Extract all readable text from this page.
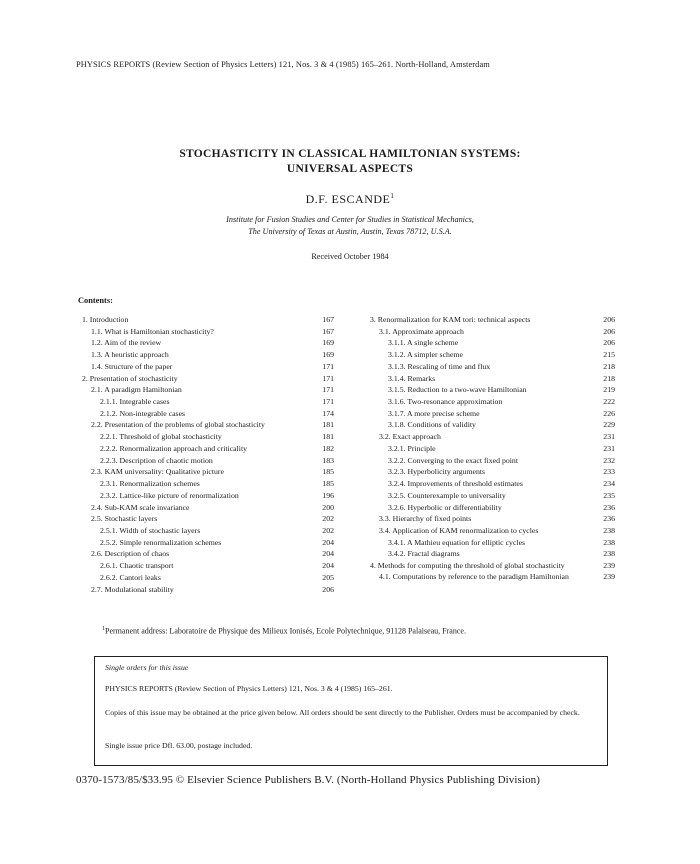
PHYSICS REPORTS (Review Section of Physics Letters) 121, Nos. 3 & 4 (1985) 165–261. North-Holland, Amsterdam
STOCHASTICITY IN CLASSICAL HAMILTONIAN SYSTEMS:
UNIVERSAL ASPECTS
D.F. ESCANDE$^1$
Institute for Fusion Studies and Center for Studies in Statistical Mechanics,
The University of Texas at Austin, Austin, Texas 78712, U.S.A.
Received October 1984
Contents:
1. Introduction	167
1.1. What is Hamiltonian stochasticity?	167
1.2. Aim of the review	169
1.3. A heuristic approach	169
1.4. Structure of the paper	171
2. Presentation of stochasticity	171
2.1. A paradigm Hamiltonian	171
2.1.1. Integrable cases	171
2.1.2. Non-integrable cases	174
2.2. Presentation of the problems of global stochasticity	181
2.2.1. Threshold of global stochasticity	181
2.2.2. Renormalization approach and criticality	182
2.2.3. Description of chaotic motion	183
2.3. KAM universality: Qualitative picture	185
2.3.1. Renormalization schemes	185
2.3.2. Lattice-like picture of renormalization	196
2.4. Sub-KAM scale invariance	200
2.5. Stochastic layers	202
2.5.1. Width of stochastic layers	202
2.5.2. Simple renormalization schemes	204
2.6. Description of chaos	204
2.6.1. Chaotic transport	204
2.6.2. Cantori leaks	205
2.7. Modulational stability	206
3. Renormalization for KAM tori: technical aspects	206
3.1. Approximate approach	206
3.1.1. A single scheme	206
3.1.2. A simpler scheme	215
3.1.3. Rescaling of time and flux	218
3.1.4. Remarks	218
3.1.5. Reduction to a two-wave Hamiltonian	219
3.1.6. Two-resonance approximation	222
3.1.7. A more precise scheme	226
3.1.8. Conditions of validity	229
3.2. Exact approach	231
3.2.1. Principle	231
3.2.2. Converging to the exact fixed point	232
3.2.3. Hyperbolicity arguments	233
3.2.4. Improvements of threshold estimates	234
3.2.5. Counterexample to universality	235
3.2.6. Hyperbolic or differentiability	236
3.3. Hierarchy of fixed points	236
3.4. Application of KAM renormalization to cycles	238
3.4.1. A Mathieu equation for elliptic cycles	238
3.4.2. Fractal diagrams	238
4. Methods for computing the threshold of global stochasticity	239
4.1. Computations by reference to the paradigm Hamiltonian	239
$^1$Permanent address: Laboratoire de Physique des Milieux Ionisés, Ecole Polytechnique, 91128 Palaiseau, France.
Single orders for this issue
PHYSICS REPORTS (Review Section of Physics Letters) 121, Nos. 3 & 4 (1985) 165–261.
Copies of this issue may be obtained at the price given below. All orders should be sent directly to the Publisher. Orders must be accompanied by check.
Single issue price Dfl. 63.00, postage included.
0370-1573/85/$33.95 © Elsevier Science Publishers B.V. (North-Holland Physics Publishing Division)
